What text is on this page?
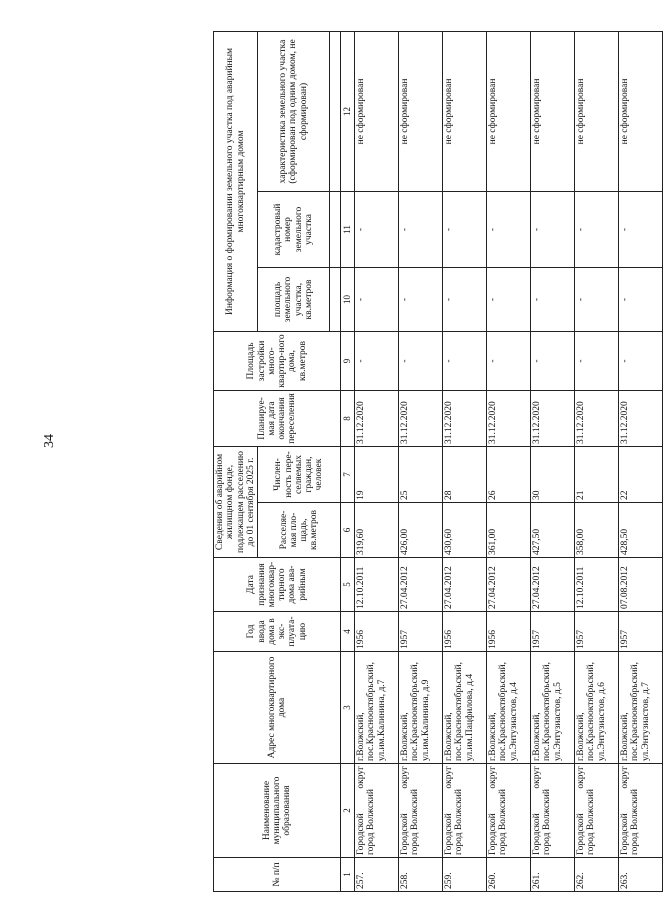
34
№ п/п	Наименование муниципального образования	Адрес многоквартирного дома	Год ввода дома в экс-плуата-цию	Дата признания многоквар-тирного дома ава-рийным	Сведения об аварийном жилищном фонде, подлежащем расселению до 01 сентября 2025 г.		Планируе-мая дата окончания переселения	Площадь застройки много-квартир-ного дома, кв.метров	Информация о формировании земельного участка под аварийным многоквартирным домом		
					Расселяе-мая пло-щадь, кв.метров	Числен-ность пере-селяемых граждан, человек			площадь земельного участка, кв.метров	кадастровый номер земельного участка	характеристика земельного участка (сформирован под одним домом, не сформирован)

1	2	3	4	5	6	7	8	9	10	11	12
257.	Городской округ город Волжский	г.Волжский, пос.Краснооктябрьский, ул.им.Калинина, д.7	1956	12.10.2011	319,60	19	31.12.2020	-	-	-	не сформирован
258.	Городской округ город Волжский	г.Волжский, пос.Краснооктябрьский, ул.им.Калинина, д.9	1957	27.04.2012	426,00	25	31.12.2020	-	-	-	не сформирован
259.	Городской округ город Волжский	г.Волжский, пос.Краснооктябрьский, ул.им.Пацфилова, д.4	1956	27.04.2012	430,60	28	31.12.2020	-	-	-	не сформирован
260.	Городской округ город Волжский	г.Волжский, пос.Краснооктябрьский, ул.Энтузиастов, д.4	1956	27.04.2012	361,00	26	31.12.2020	-	-	-	не сформирован
261.	Городской округ город Волжский	г.Волжский, пос.Краснооктябрьский, ул.Энтузиастов, д.5	1957	27.04.2012	427,50	30	31.12.2020	-	-	-	не сформирован
262.	Городской округ город Волжский	г.Волжский, пос.Краснооктябрьский, ул.Энтузиастов, д.6	1957	12.10.2011	358,00	21	31.12.2020	-	-	-	не сформирован
263.	Городской округ город Волжский	г.Волжский, пос.Краснооктябрьский, ул.Энтузиастов, д.7	1957	07.08.2012	428,50	22	31.12.2020	-	-	-	не сформирован
